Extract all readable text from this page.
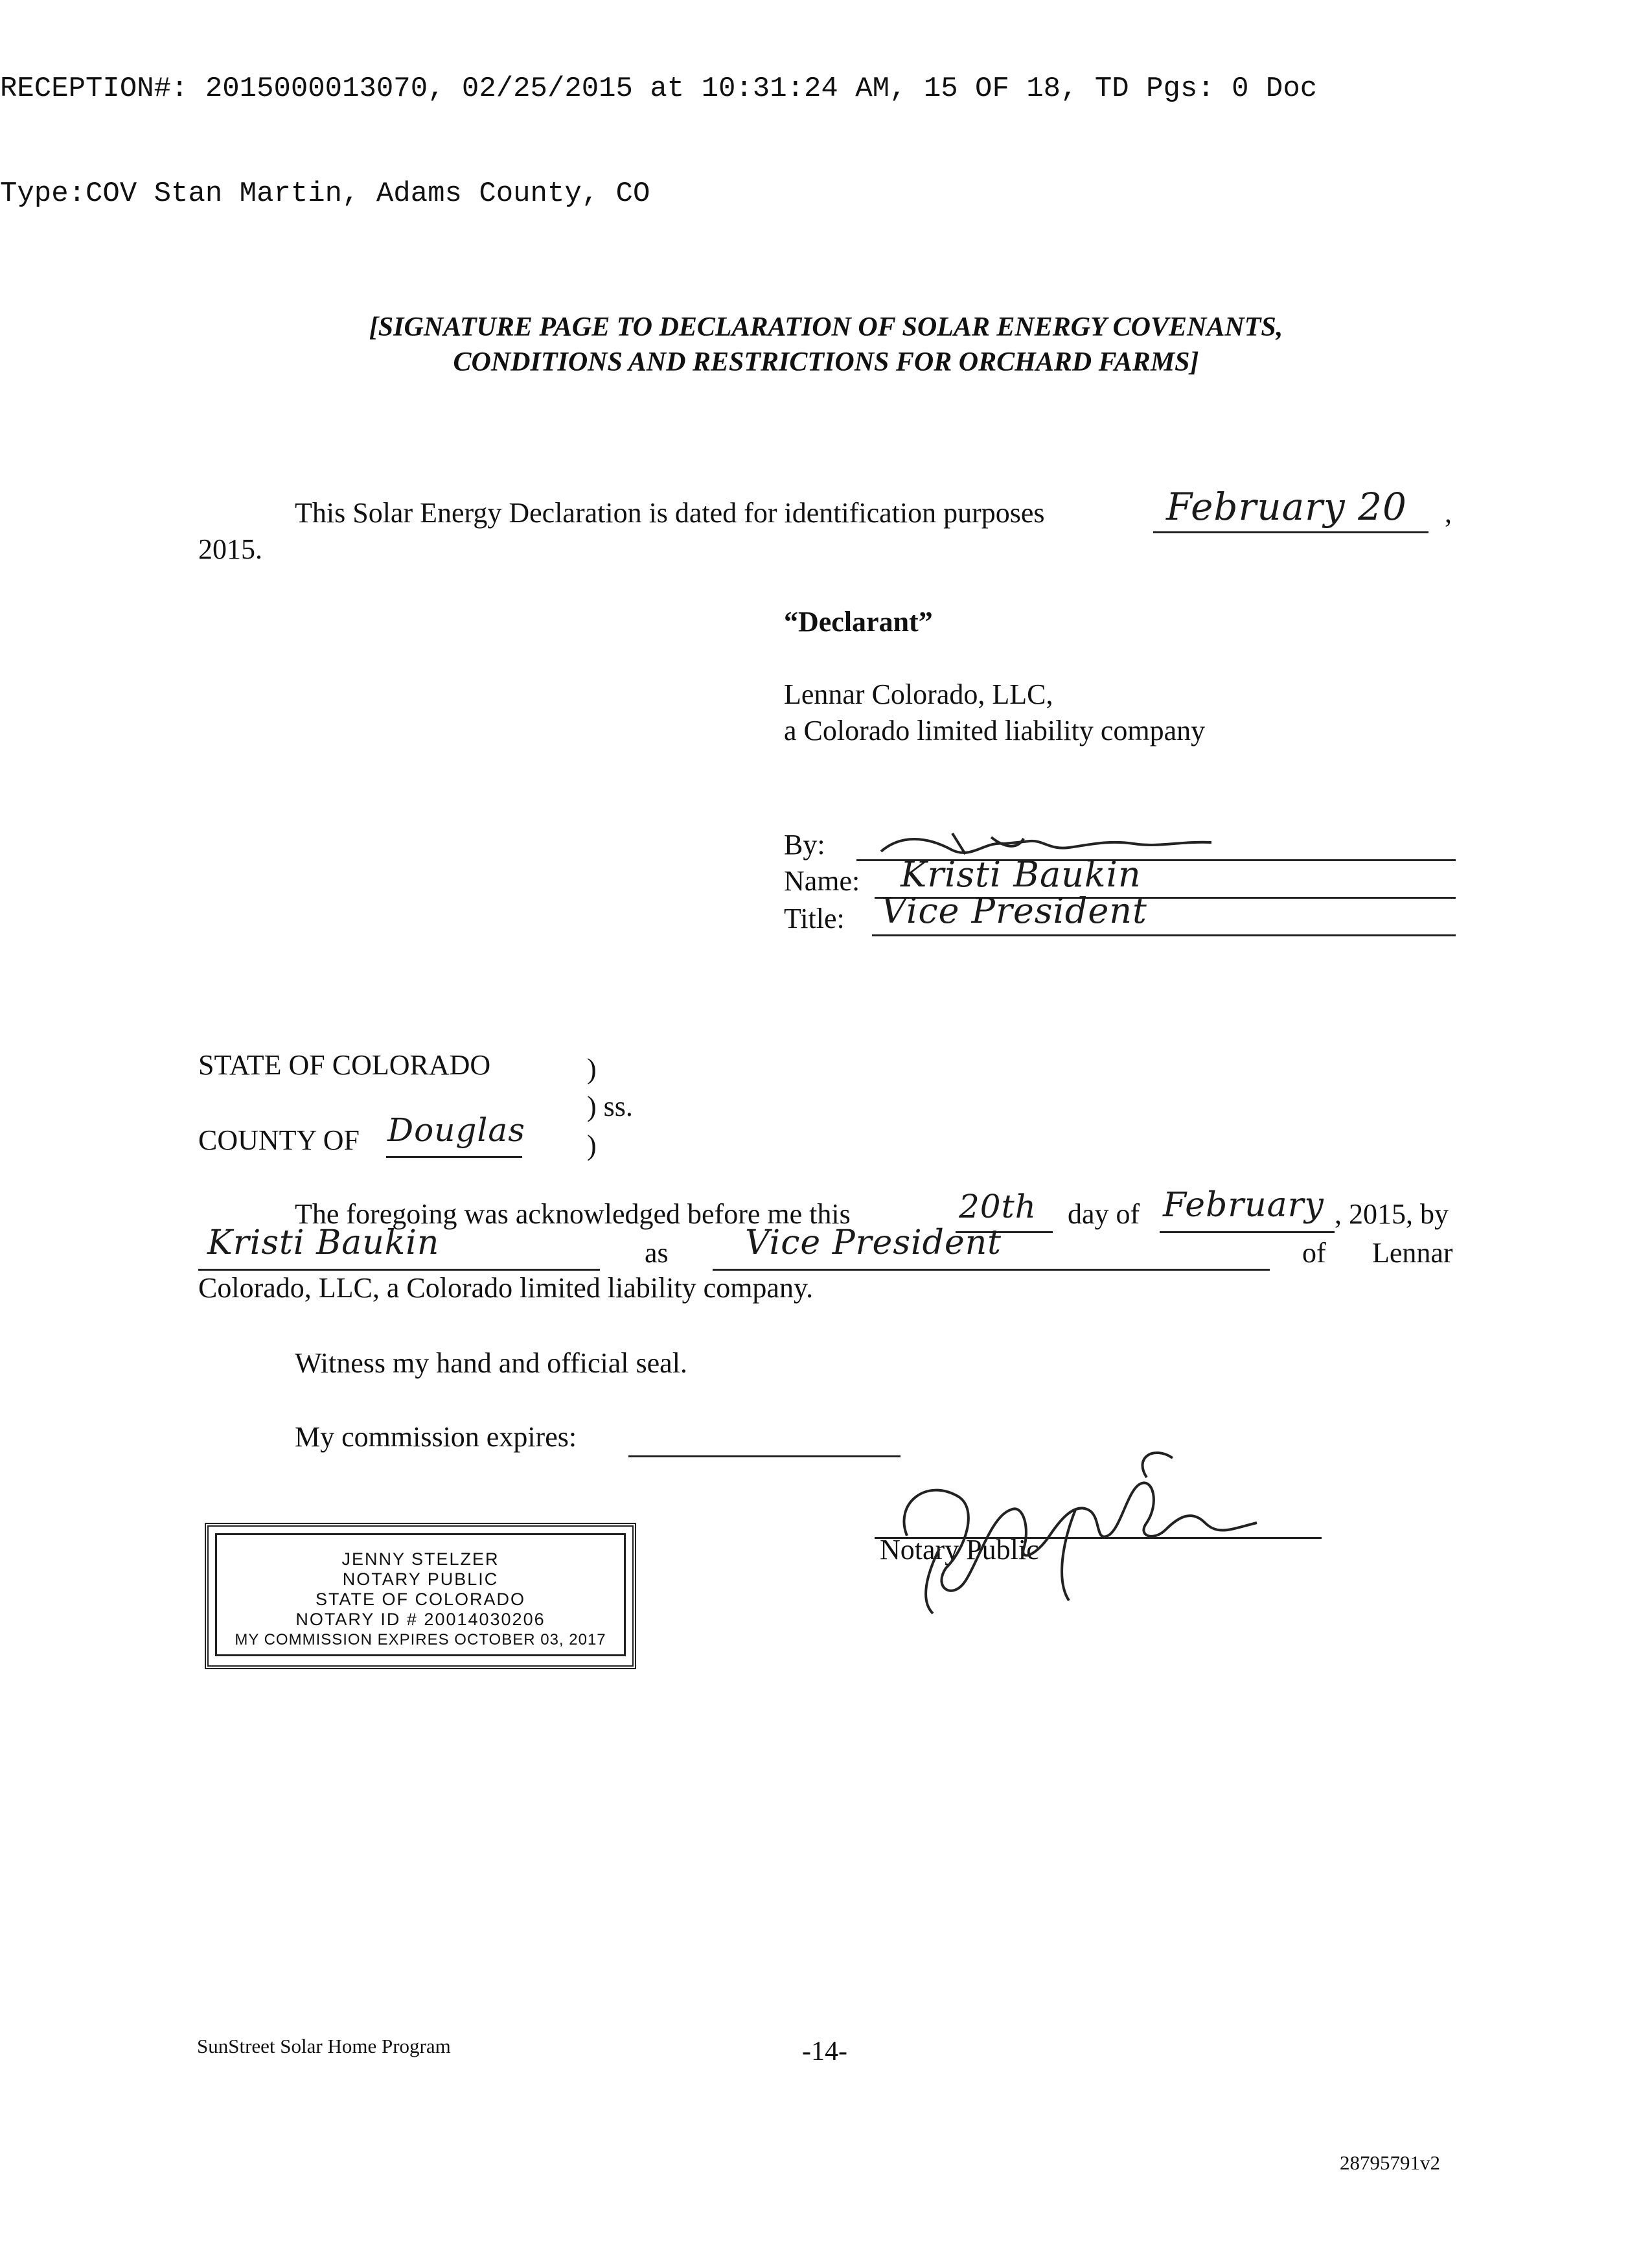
RECEPTION#: 2015000013070, 02/25/2015 at 10:31:24 AM, 15 OF 18, TD Pgs: 0 Doc

Type:COV Stan Martin, Adams County, CO

[SIGNATURE PAGE TO DECLARATION OF SOLAR ENERGY COVENANTS,
CONDITIONS AND RESTRICTIONS FOR ORCHARD FARMS]
This Solar Energy Declaration is dated for identification purposes	February 20 ,
2015.
“Declarant”
Lennar Colorado, LLC,
a Colorado limited liability company
By:
Name: Kristi Baukin
Title: Vice President
STATE OF COLORADO	)
) ss.
COUNTY OF Douglas )
The foregoing was acknowledged before me this	20th day of February , 2015, by
Kristi Baukin	as Vice President	of Lennar
Colorado, LLC, a Colorado limited liability company.
Witness my hand and official seal.
My commission expires:
JENNY STELZER
NOTARY PUBLIC
STATE OF COLORADO
NOTARY ID # 20014030206
MY COMMISSION EXPIRES OCTOBER 03, 2017
Notary Public
SunStreet Solar Home Program	-14-
28795791v2
